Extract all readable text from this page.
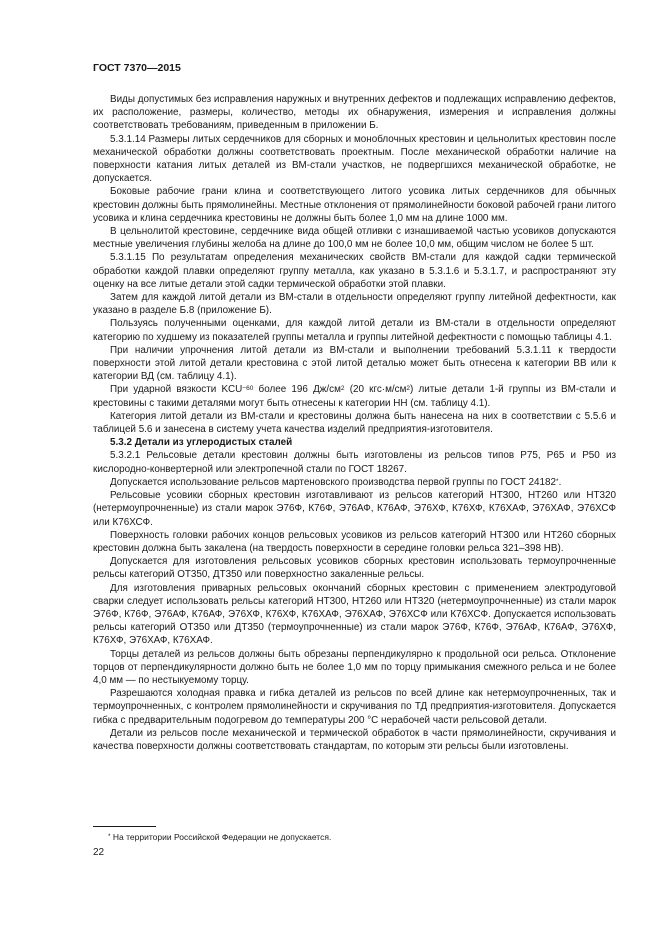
ГОСТ 7370—2015

Виды допустимых без исправления наружных и внутренних дефектов и подлежащих исправлению дефектов, их расположение, размеры, количество, методы их обнаружения, измерения и исправления должны соответствовать требованиям, приведенным в приложении Б.

5.3.1.14 Размеры литых сердечников для сборных и моноблочных крестовин и цельнолитых крестовин после механической обработки должны соответствовать проектным. После механической обработки наличие на поверхности катания литых деталей из ВМ-стали участков, не подвергшихся механической обработке, не допускается.

Боковые рабочие грани клина и соответствующего литого усовика литых сердечников для обычных крестовин должны быть прямолинейны. Местные отклонения от прямолинейности боковой рабочей грани литого усовика и клина сердечника крестовины не должны быть более 1,0 мм на длине 1000 мм.

В цельнолитой крестовине, сердечнике вида общей отливки с изнашиваемой частью усовиков допускаются местные увеличения глубины желоба на длине до 100,0 мм не более 10,0 мм, общим числом не более 5 шт.

5.3.1.15 По результатам определения механических свойств ВМ-стали для каждой садки термической обработки каждой плавки определяют группу металла, как указано в 5.3.1.6 и 5.3.1.7, и распространяют эту оценку на все литые детали этой садки термической обработки этой плавки.

Затем для каждой литой детали из ВМ-стали в отдельности определяют группу литейной дефектности, как указано в разделе Б.8 (приложение Б).

Пользуясь полученными оценками, для каждой литой детали из ВМ-стали в отдельности определяют категорию по худшему из показателей группы металла и группы литейной дефектности с помощью таблицы 4.1.

При наличии упрочнения литой детали из ВМ-стали и выполнении требований 5.3.1.11 к твердости поверхности этой литой детали крестовина с этой литой деталью может быть отнесена к категории ВВ или к категории ВД (см. таблицу 4.1).

При ударной вязкости $KCU^{-60}$ более 196 $Дж/см^2$ (20 $кгс\cdot м/см^2$) литые детали 1-й группы из ВМ-стали и крестовины с такими деталями могут быть отнесены к категории НН (см. таблицу 4.1).

Категория литой детали из ВМ-стали и крестовины должна быть нанесена на них в соответствии с 5.5.6 и таблицей 5.6 и занесена в систему учета качества изделий предприятия-изготовителя.

5.3.2 Детали из углеродистых сталей

5.3.2.1 Рельсовые детали крестовин должны быть изготовлены из рельсов типов Р75, Р65 и Р50 из кислородно-конвертерной или электропечной стали по ГОСТ 18267.

Допускается использование рельсов мартеновского производства первой группы по ГОСТ 24182*.

Рельсовые усовики сборных крестовин изготавливают из рельсов категорий НТ300, НТ260 или НТ320 (нетермоупрочненные) из стали марок Э76Ф, К76Ф, Э76АФ, К76АФ, Э76ХФ, К76ХФ, К76ХАФ, Э76ХАФ, Э76ХСФ или К76ХСФ.

Поверхность головки рабочих концов рельсовых усовиков из рельсов категорий НТ300 или НТ260 сборных крестовин должна быть закалена (на твердость поверхности в середине головки рельса 321–398 НВ).

Допускается для изготовления рельсовых усовиков сборных крестовин использовать термоупрочненные рельсы категорий ОТ350, ДТ350 или поверхностно закаленные рельсы.

Для изготовления приварных рельсовых окончаний сборных крестовин с применением электродуговой сварки следует использовать рельсы категорий НТ300, НТ260 или НТ320 (нетермоупрочненные) из стали марок Э76Ф, К76Ф, Э76АФ, К76АФ, Э76ХФ, К76ХФ, К76ХАФ, Э76ХАФ, Э76ХСФ или К76ХСФ. Допускается использовать рельсы категорий ОТ350 или ДТ350 (термоупрочненные) из стали марок Э76Ф, К76Ф, Э76АФ, К76АФ, Э76ХФ, К76ХФ, Э76ХАФ, К76ХАФ.

Торцы деталей из рельсов должны быть обрезаны перпендикулярно к продольной оси рельса. Отклонение торцов от перпендикулярности должно быть не более 1,0 мм по торцу примыкания смежного рельса и не более 4,0 мм — по нестыкуемому торцу.

Разрешаются холодная правка и гибка деталей из рельсов по всей длине как нетермоупрочненных, так и термоупрочненных, с контролем прямолинейности и скручивания по ТД предприятия-изготовителя. Допускается гибка с предварительным подогревом до температуры 200 °С нерабочей части рельсовой детали.

Детали из рельсов после механической и термической обработок в части прямолинейности, скручивания и качества поверхности должны соответствовать стандартам, по которым эти рельсы были изготовлены.

* На территории Российской Федерации не допускается.
22
